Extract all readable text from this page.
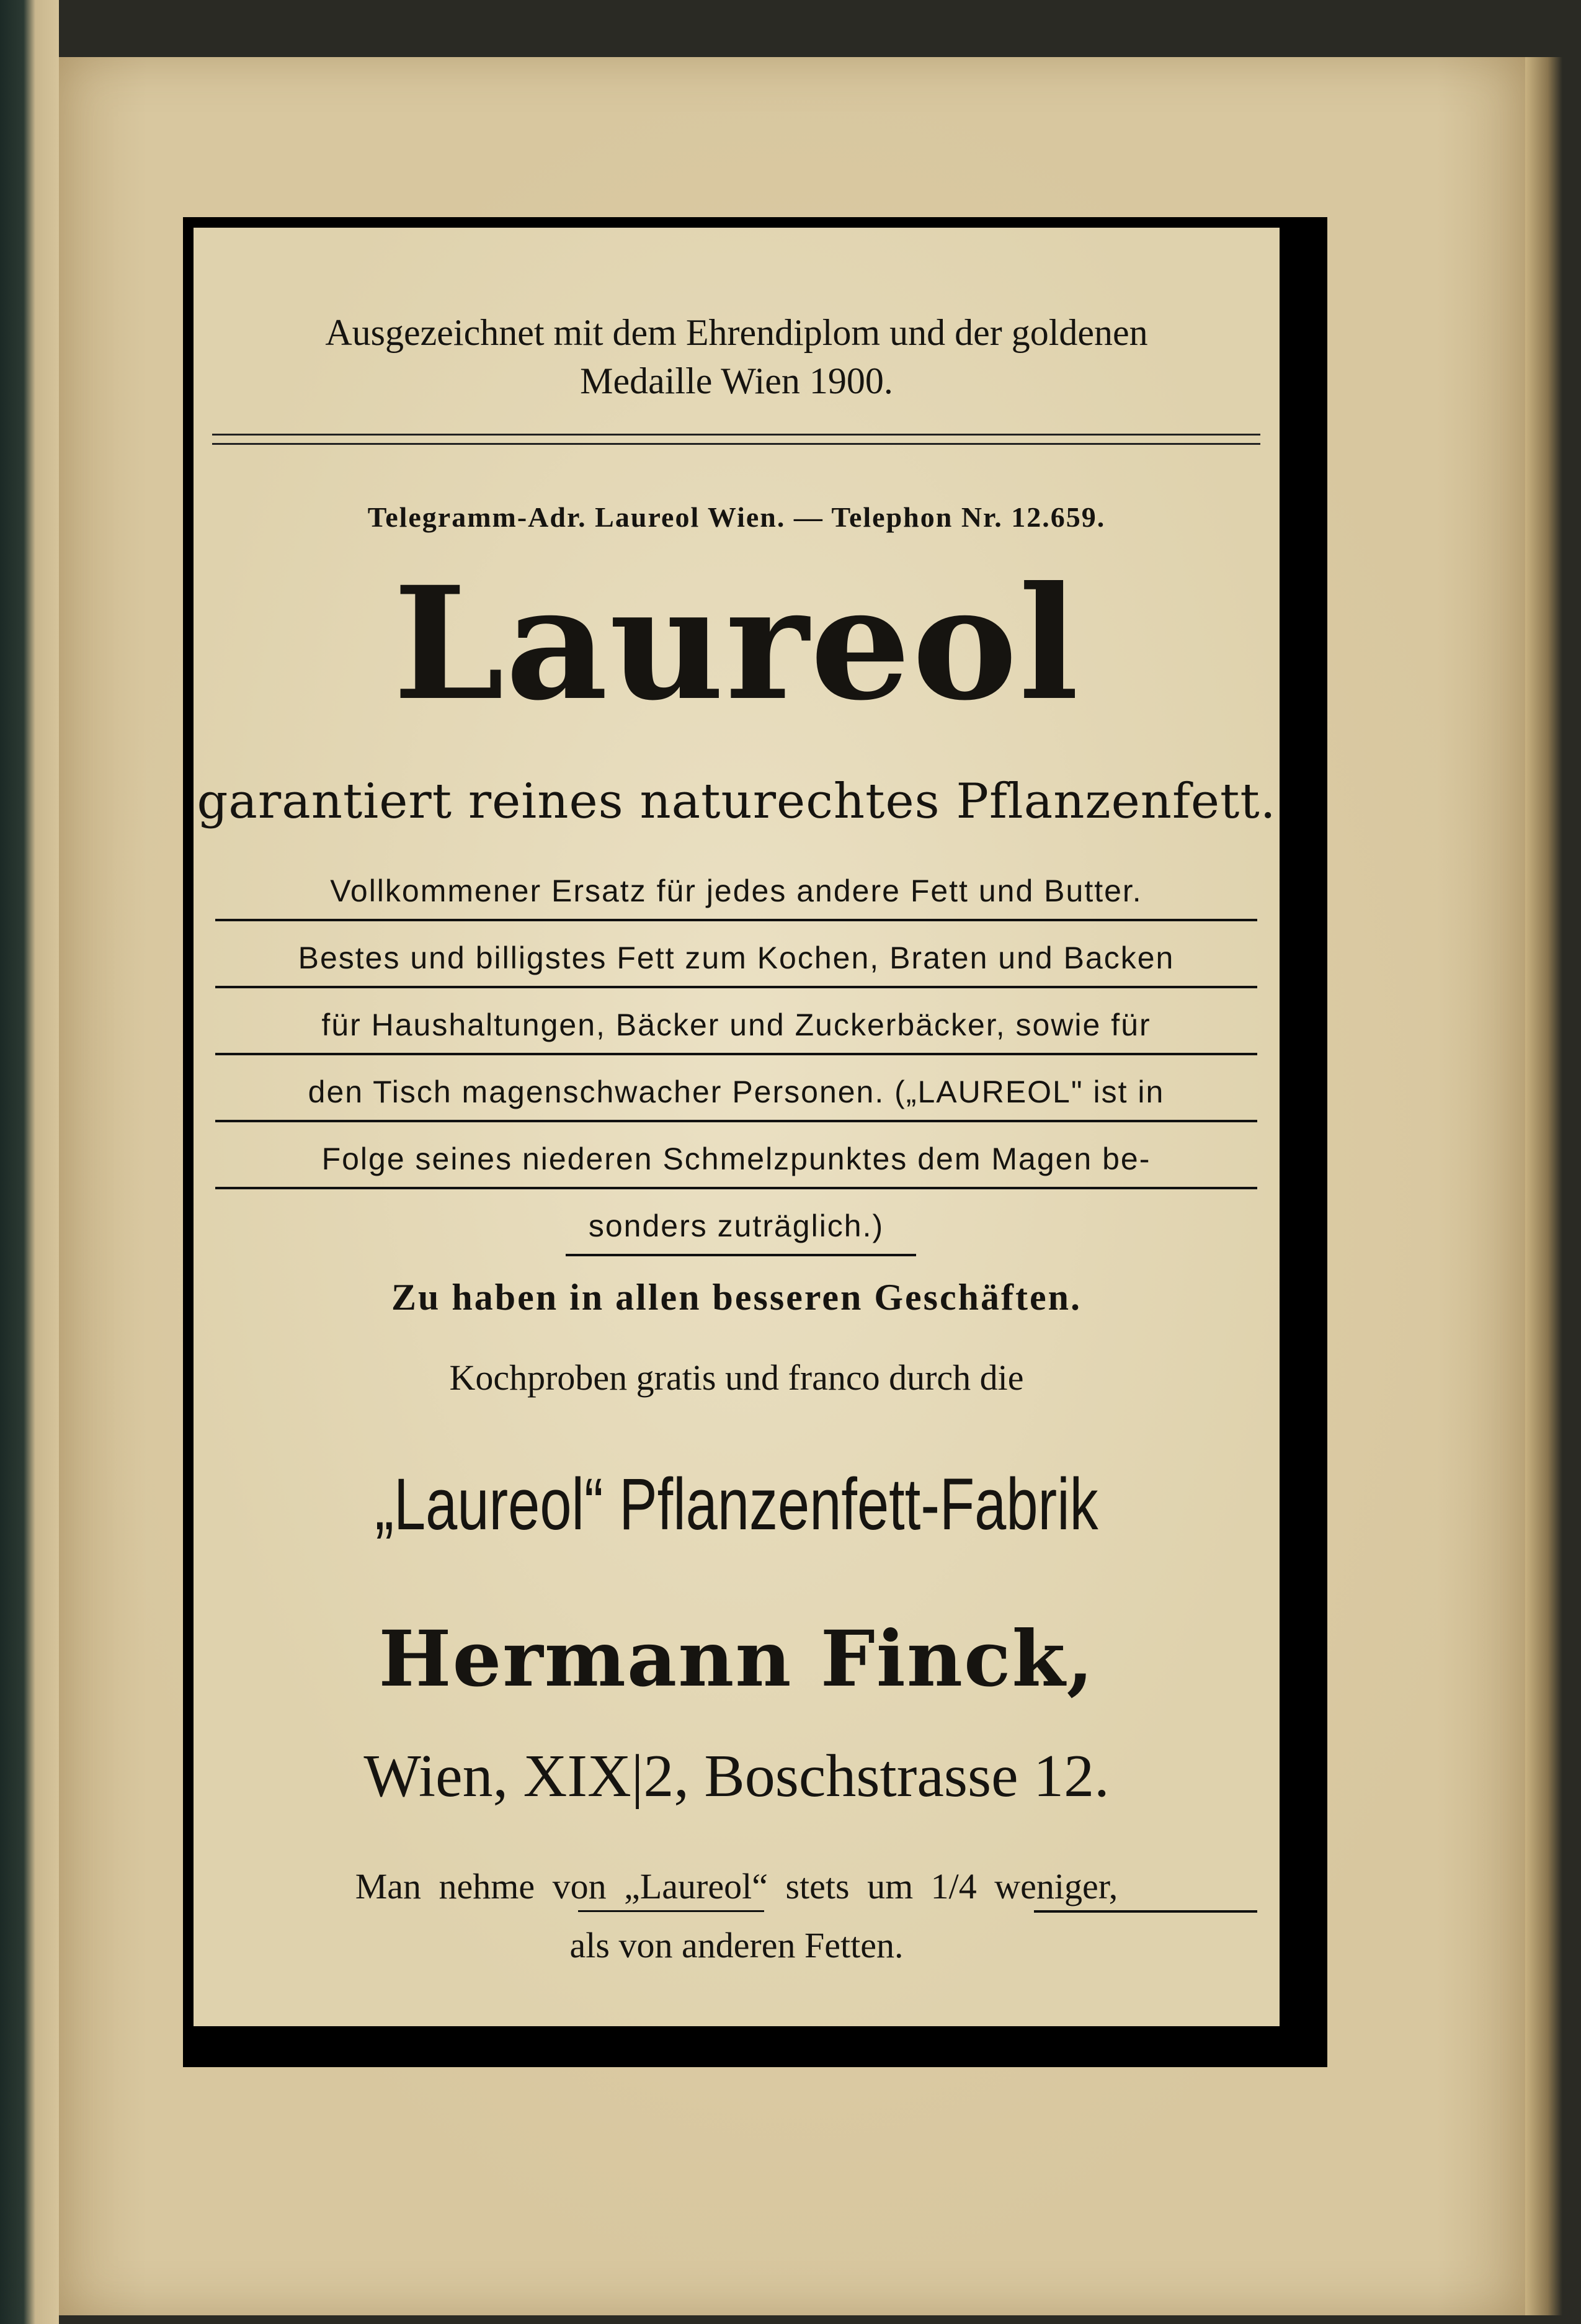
Ausgezeichnet mit dem Ehrendiplom und der goldenen
Medaille Wien 1900.
Telegramm-Adr. Laureol Wien. — Telephon Nr. 12.659.
Laureol
garantiert reines naturechtes Pflanzenfett.
Vollkommener Ersatz für jedes andere Fett und Butter.
Bestes und billigstes Fett zum Kochen, Braten und Backen
für Haushaltungen, Bäcker und Zuckerbäcker, sowie für
den Tisch magenschwacher Personen. („LAUREOL" ist in
Folge seines niederen Schmelzpunktes dem Magen be-
sonders zuträglich.)
Zu haben in allen besseren Geschäften.
Kochproben gratis und franco durch die
„Laureol“ Pflanzenfett-Fabrik
Hermann Finck,
Wien, XIX|2, Boschstrasse 12.
Man nehme von „Laureol“ stets um 1/4 weniger,
als von anderen Fetten.
